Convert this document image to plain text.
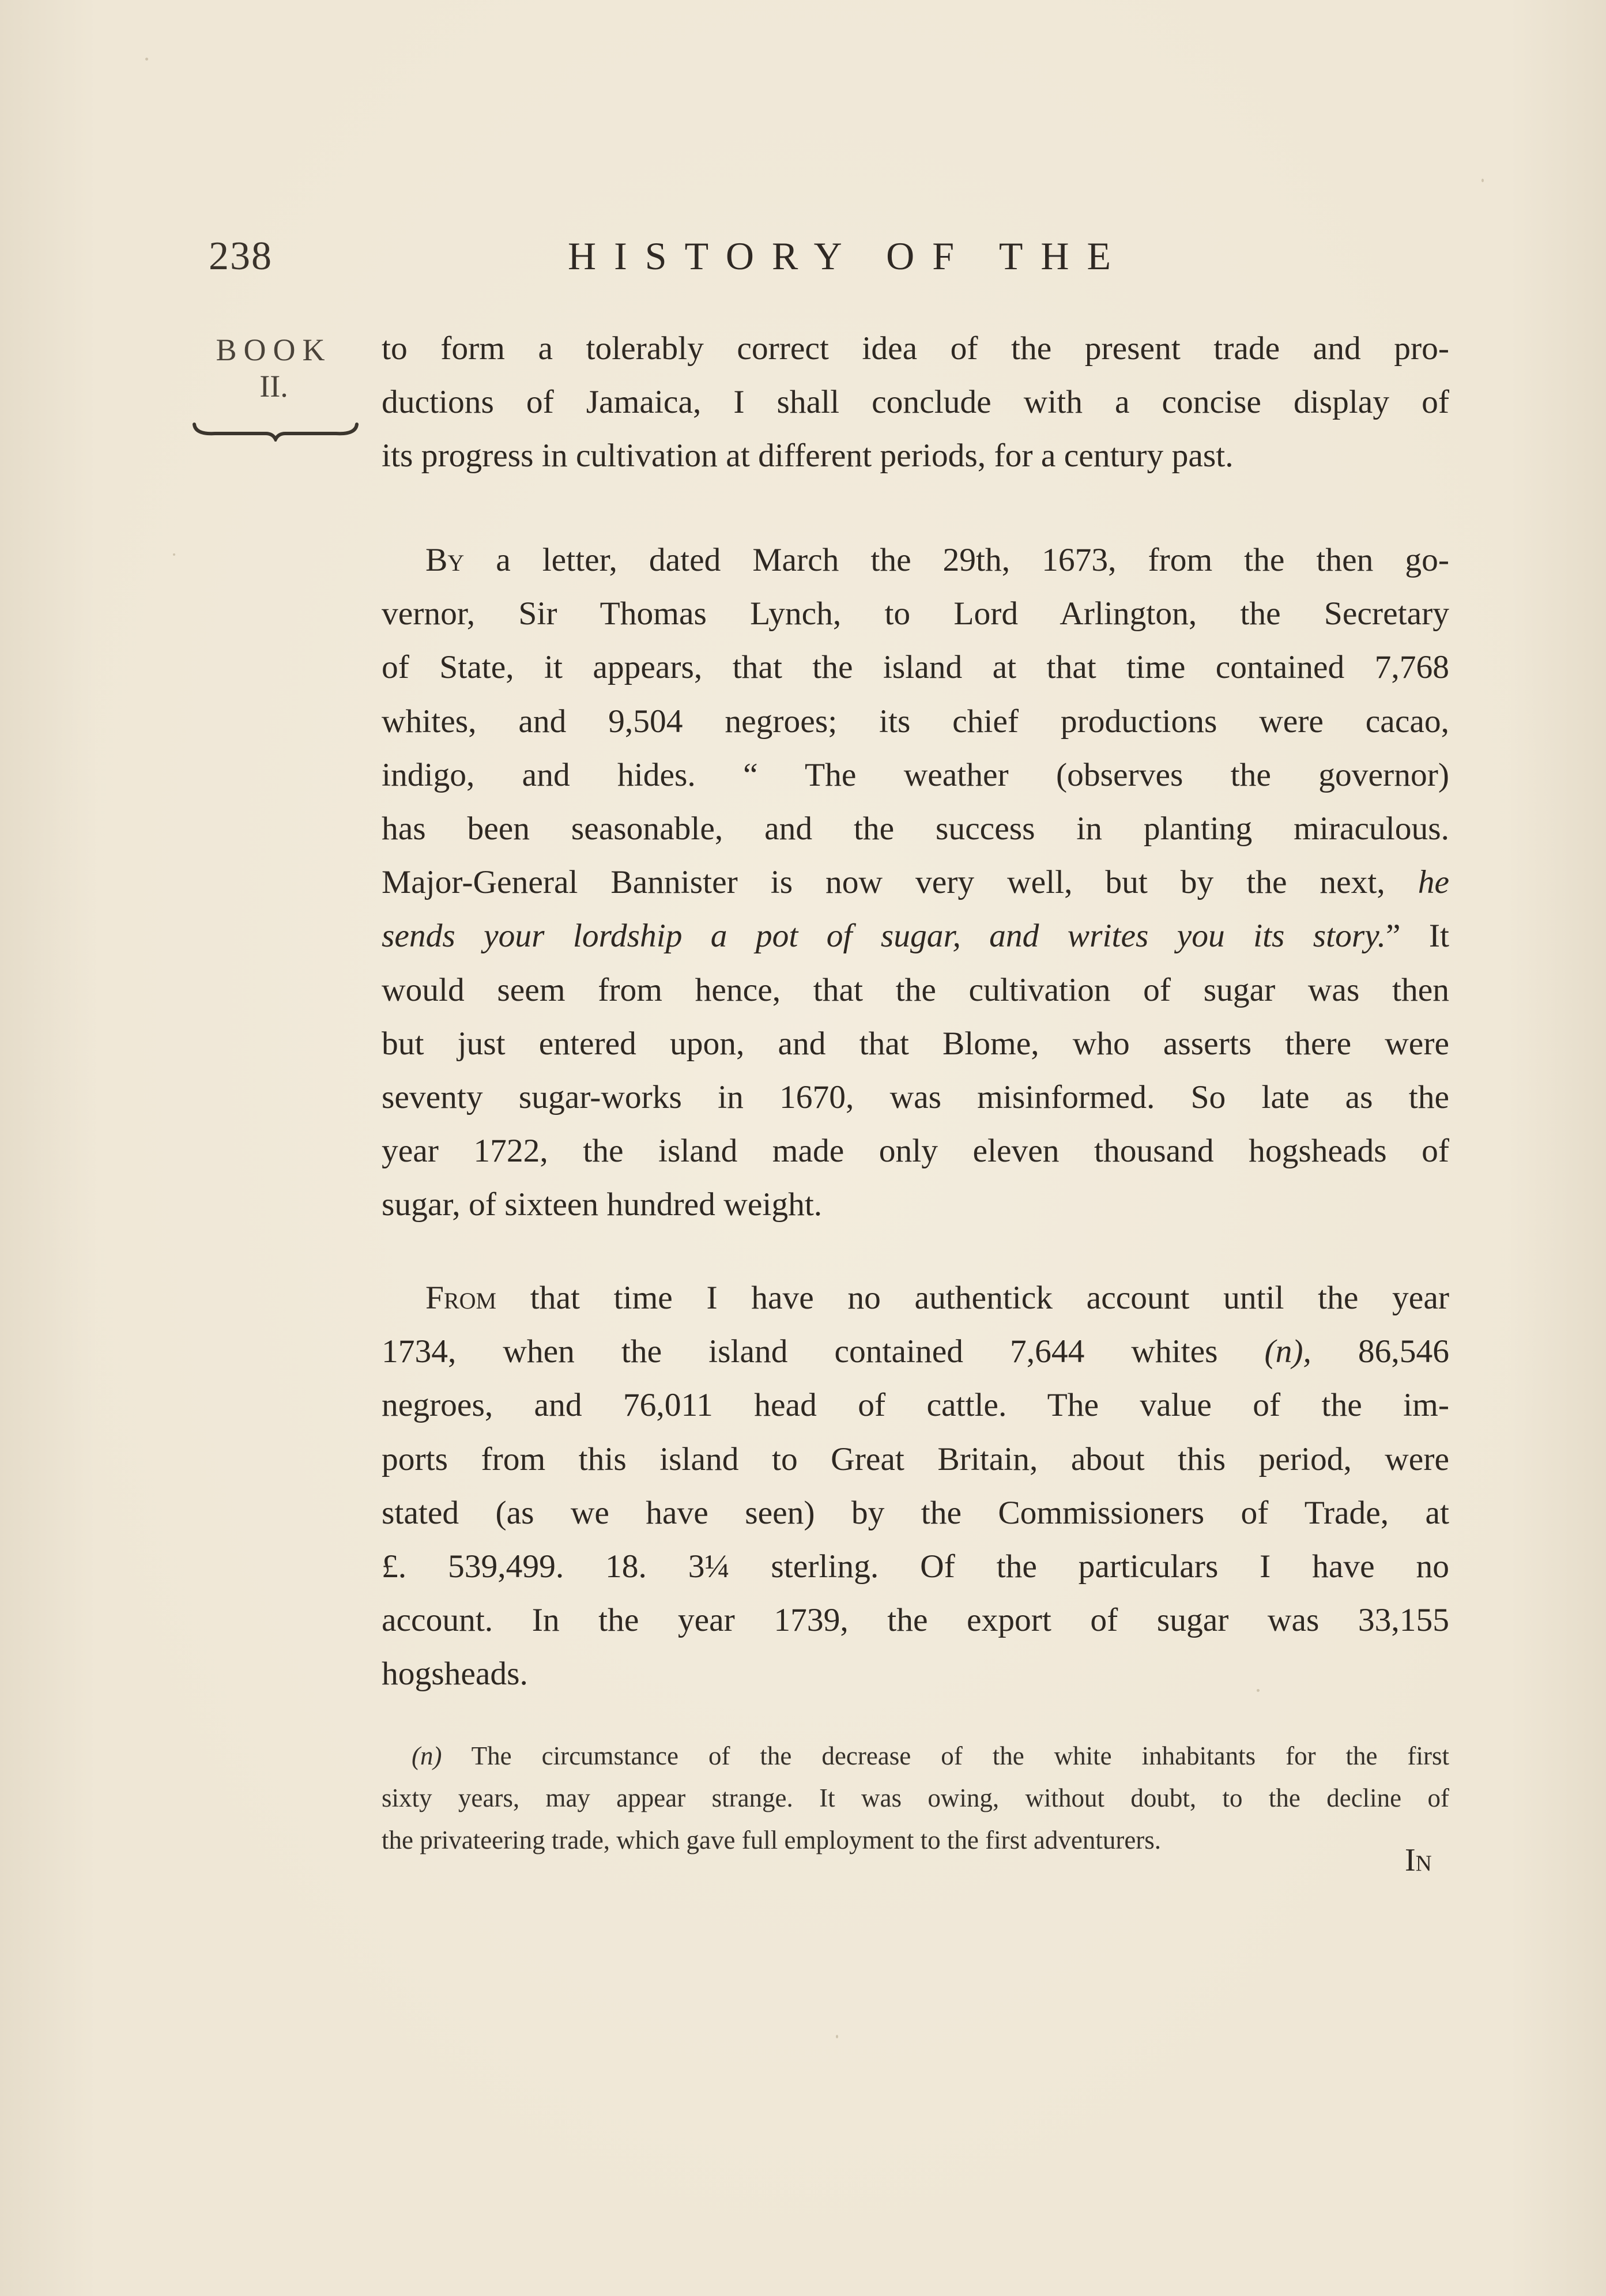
238	HISTORY OF THE
BOOK
II.
to form a tolerably correct idea of the present trade and pro-
ductions of Jamaica, I shall conclude with a concise display of
its progress in cultivation at different periods, for a century past.
By a letter, dated March the 29th, 1673, from the then go-
vernor, Sir Thomas Lynch, to Lord Arlington, the Secretary
of State, it appears, that the island at that time contained 7,768
whites, and 9,504 negroes; its chief productions were cacao,
indigo, and hides. “ The weather (observes the governor)
has been seasonable, and the success in planting miraculous.
Major-General Bannister is now very well, but by the next, he
sends your lordship a pot of sugar, and writes you its story.” It
would seem from hence, that the cultivation of sugar was then
but just entered upon, and that Blome, who asserts there were
seventy sugar-works in 1670, was misinformed. So late as the
year 1722, the island made only eleven thousand hogsheads of
sugar, of sixteen hundred weight.
From that time I have no authentick account until the year
1734, when the island contained 7,644 whites (n), 86,546
negroes, and 76,011 head of cattle. The value of the im-
ports from this island to Great Britain, about this period, were
stated (as we have seen) by the Commissioners of Trade, at
£. 539,499. 18. 3¼ sterling. Of the particulars I have no
account. In the year 1739, the export of sugar was 33,155
hogsheads.
(n) The circumstance of the decrease of the white inhabitants for the first
sixty years, may appear strange. It was owing, without doubt, to the decline of
the privateering trade, which gave full employment to the first adventurers.
In
